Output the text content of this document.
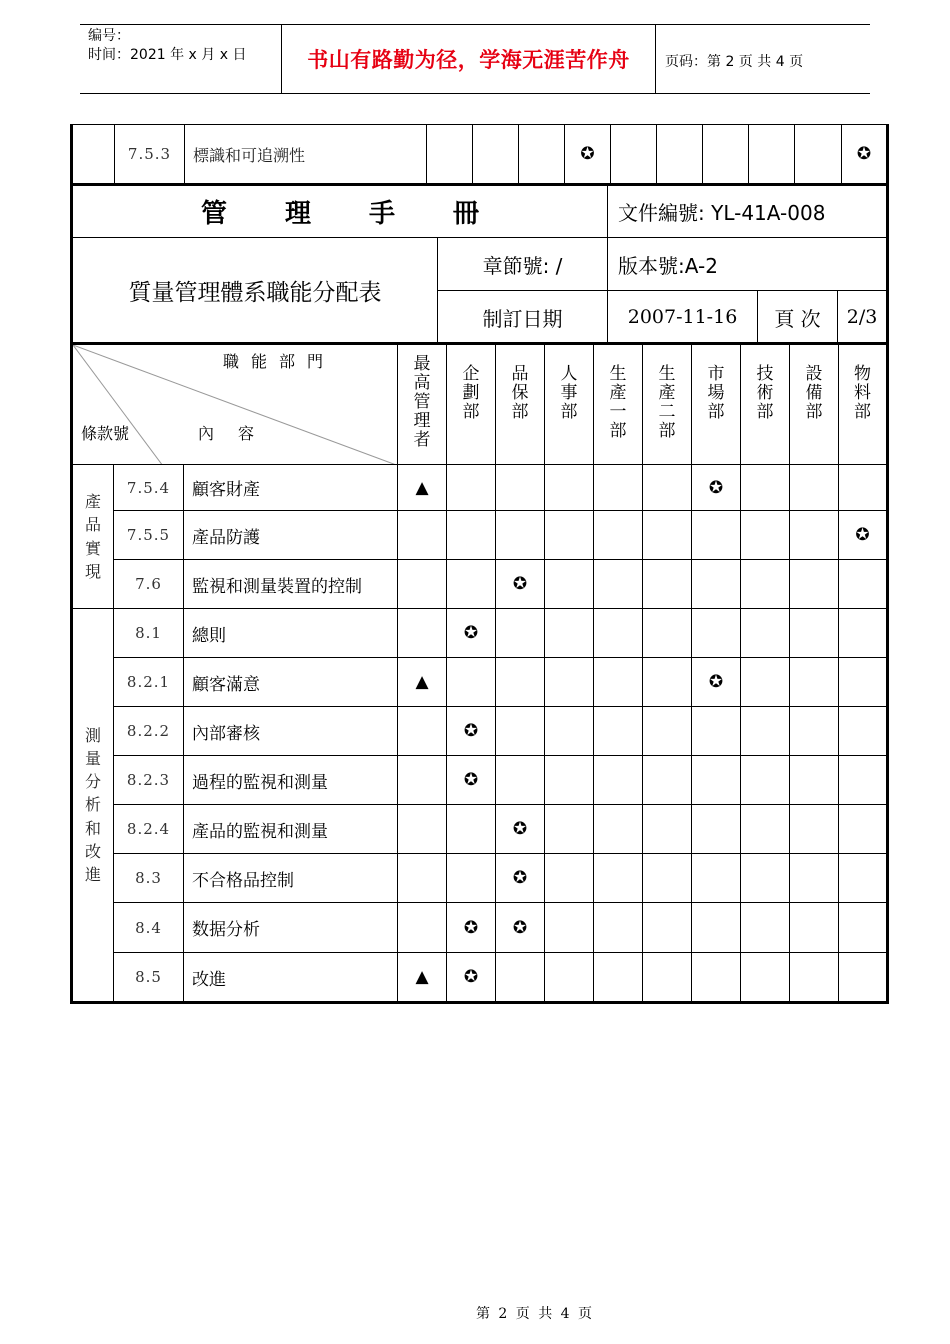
编号：
时间：2021 年 x 月 x 日	书山有路勤为径，学海无涯苦作舟	页码：第 2 页 共 4 页
	7.5.3	標識和可追溯性				✪						✪
管理手冊		文件編號: YL-41A-008		
質量管理體系職能分配表	章節號: /	版本號:A-2		
	制訂日期	2007-11-16	頁 次	2/3
職能部門
條款號 內容			最高管理者	企劃部	品保部	人事部	生產一部	生產二部	市場部	技術部	設備部	物料部
產品實現	7.5.4	顧客財產	▲						✪			
	7.5.5	產品防護										✪
	7.6	監視和測量裝置的控制			✪							
測量分析和改進	8.1	總則		✪								
	8.2.1	顧客滿意	▲						✪			
	8.2.2	內部審核		✪								
	8.2.3	過程的監視和測量		✪								
	8.2.4	產品的監視和測量			✪							
	8.3	不合格品控制			✪							
	8.4	数据分析		✪	✪							
	8.5	改進	▲	✪								
第 2 页 共 4 页
